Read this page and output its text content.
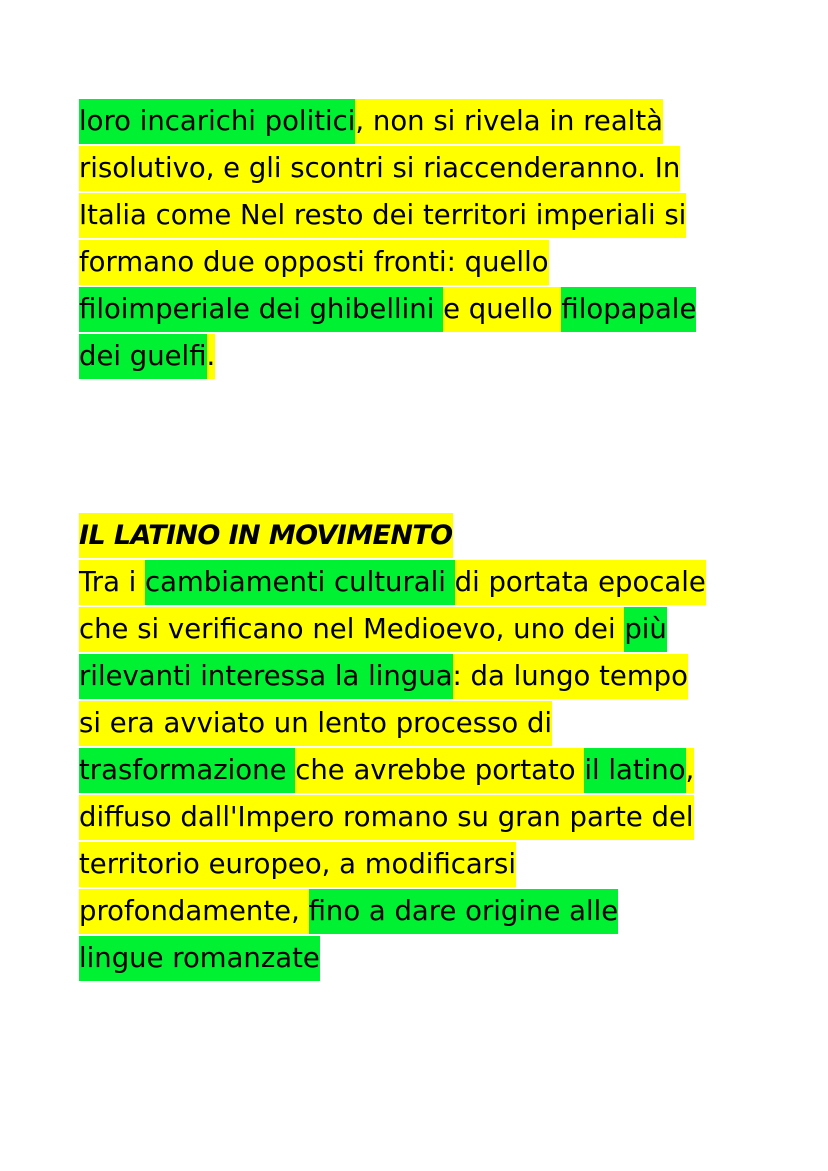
loro incarichi politici, non si rivela in realtà
risolutivo, e gli scontri si riaccenderanno. In
Italia come Nel resto dei territori imperiali si
formano due opposti fronti: quello
filoimperiale dei ghibellini e quello filopapale
dei guelfi.
IL LATINO IN MOVIMENTO
Tra i cambiamenti culturali di portata epocale
che si verificano nel Medioevo, uno dei più
rilevanti interessa la lingua: da lungo tempo
si era avviato un lento processo di
trasformazione che avrebbe portato il latino,
diffuso dall'Impero romano su gran parte del
territorio europeo, a modificarsi
profondamente, fino a dare origine alle
lingue romanzate
